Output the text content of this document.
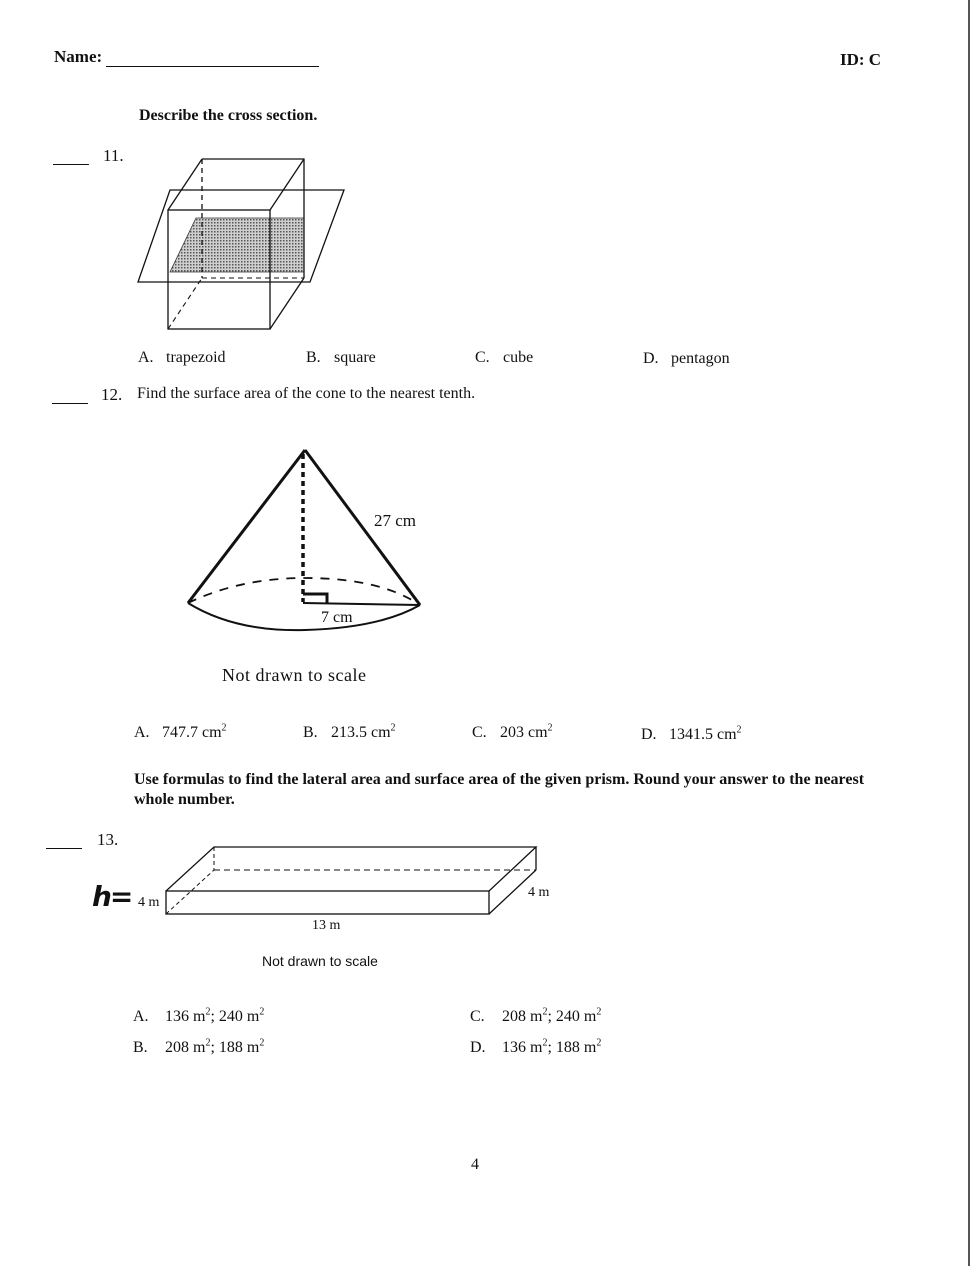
Name:	ID: C
Describe the cross section.
11.
A. trapezoid	B. square	C. cube	D. pentagon
12. Find the surface area of the cone to the nearest tenth.
27 cm
7 cm
Not drawn to scale
A. 747.7 $cm^2$	B. 213.5 $cm^2$	C. 203 $cm^2$	D. 1341.5 $cm^2$
Use formulas to find the lateral area and surface area of the given prism. Round your answer to the nearest whole number.
13.
h= 4 m
4 m
13 m
Not drawn to scale
A. 136 $m^2$; 240 $m^2$
B. 208 $m^2$; 188 $m^2$
C. 208 $m^2$; 240 $m^2$
D. 136 $m^2$; 188 $m^2$
4
